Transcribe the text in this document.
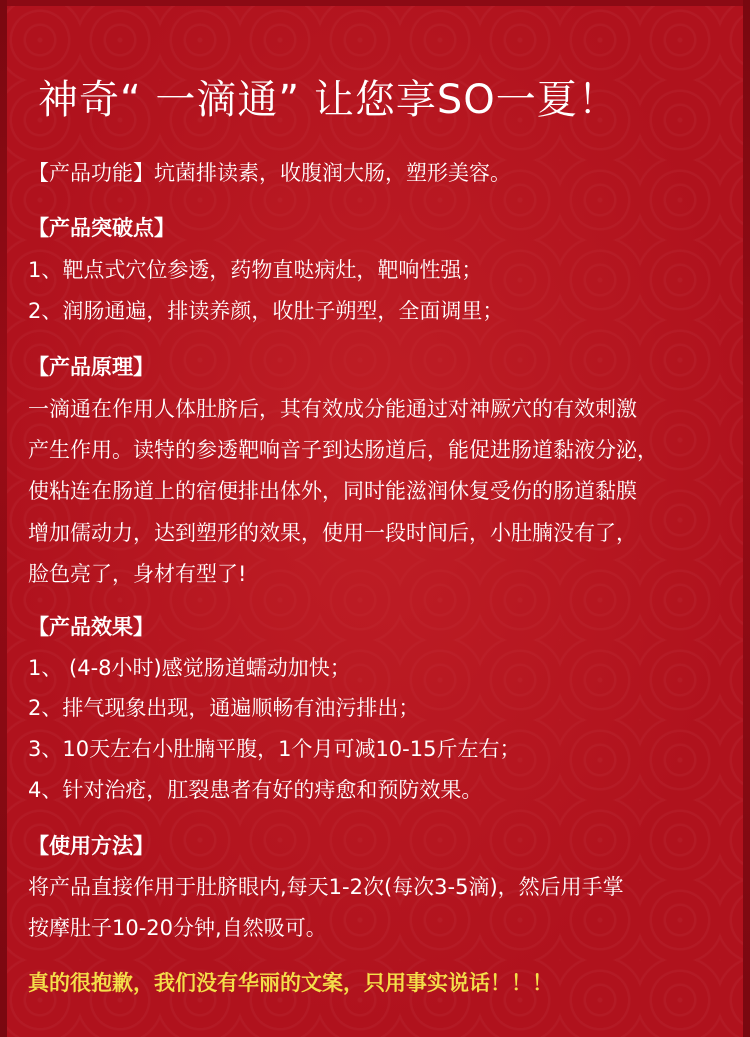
神奇“ 一滴通” 让您享SO一夏！
【产品功能】坑菌排读素，收腹润大肠，塑形美容。
【产品突破点】
1、靶点式穴位参透，药物直哒病灶，靶响性强；
2、润肠通遍，排读养颜，收肚子朔型，全面调里；
【产品原理】
一滴通在作用人体肚脐后，其有效成分能通过对神厥穴的有效刺激
产生作用。读特的参透靶响音子到达肠道后，能促进肠道黏液分泌，
使粘连在肠道上的宿便排出体外，同时能滋润休复受伤的肠道黏膜
增加儒动力，达到塑形的效果，使用一段时间后，小肚腩没有了，
脸色亮了，身材有型了!
【产品效果】
1、 (4-8小时)感觉肠道蠕动加快；
2、排气现象出现，通遍顺畅有油污排出；
3、10天左右小肚腩平腹，1个月可减10-15斤左右；
4、针对治疮，肛裂患者有好的痔愈和预防效果。
【使用方法】
将产品直接作用于肚脐眼内,每天1-2次(每次3-5滴)，然后用手掌
按摩肚子10-20分钟,自然吸可。
真的很抱歉，我们没有华丽的文案，只用事实说话！！！
